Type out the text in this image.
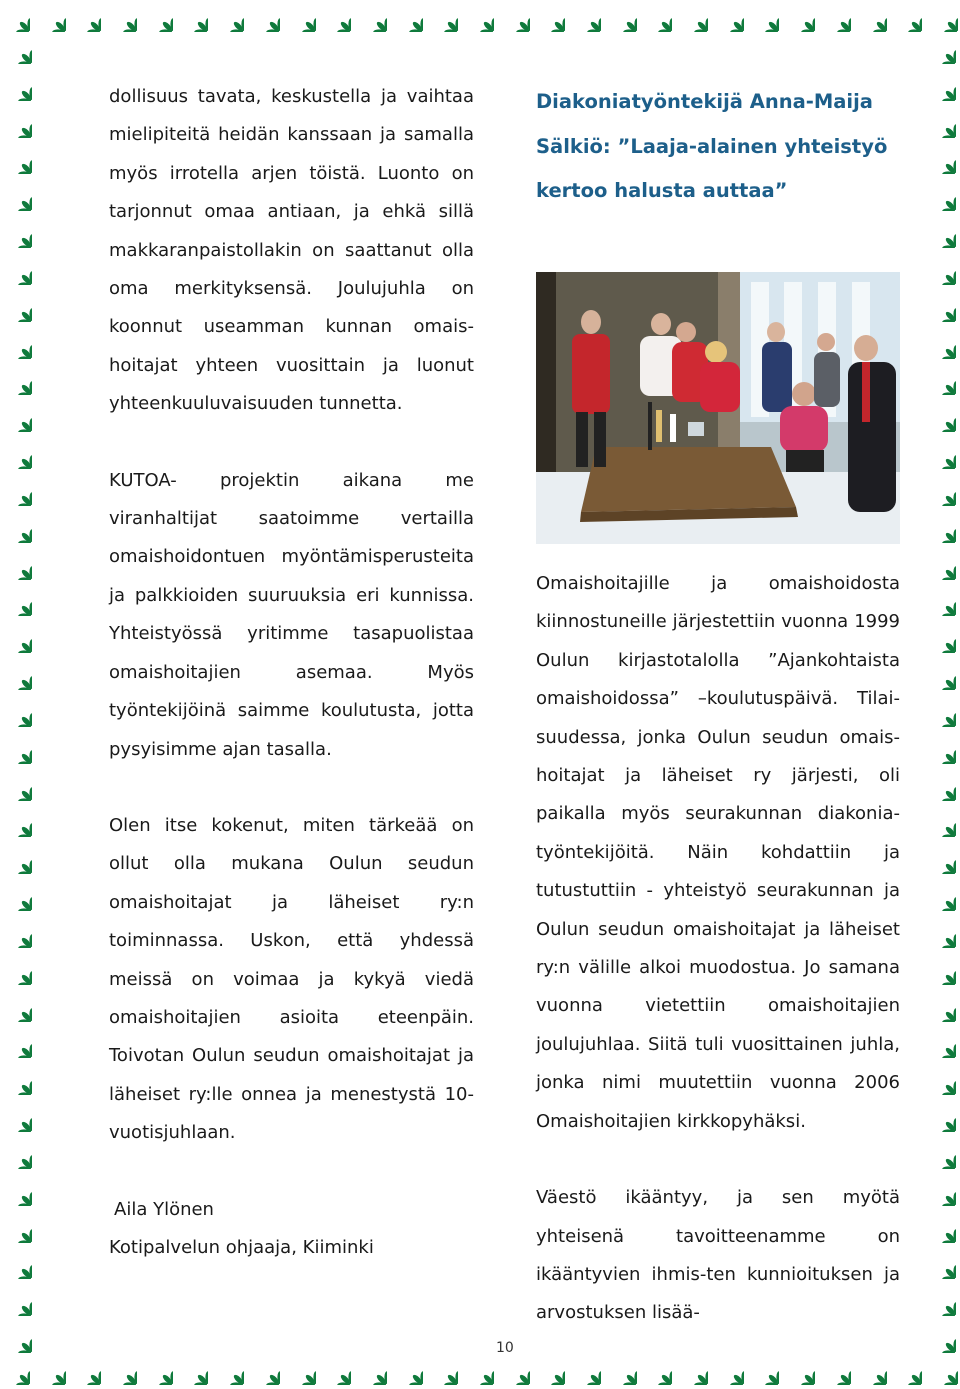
dollisuus tavata, keskustella ja vaihtaa mielipiteitä heidän kanssaan ja samalla myös irrotella arjen töistä. Luonto on tarjonnut omaa antiaan, ja ehkä sillä makkaranpaistollakin on saattanut olla oma merkityksensä. Joulujuhla on koonnut useamman kunnan omais-hoitajat yhteen vuosittain ja luonut yhteenkuuluvaisuuden tunnetta.

KUTOA- projektin aikana me viranhaltijat saatoimme vertailla omaishoidontuen myöntämisperusteita ja palkkioiden suuruuksia eri kunnissa. Yhteistyössä yritimme tasapuolistaa omaishoitajien asemaa. Myös työntekijöinä saimme koulutusta, jotta pysyisimme ajan tasalla.

Olen itse kokenut, miten tärkeää on ollut olla mukana Oulun seudun omaishoitajat ja läheiset ry:n toiminnassa. Uskon, että yhdessä meissä on voimaa ja kykyä viedä omaishoitajien asioita eteenpäin. Toivotan Oulun seudun omaishoitajat ja läheiset ry:lle onnea ja menestystä 10-vuotisjuhlaan.

Aila Ylönen

Kotipalvelun ohjaaja, Kiiminki

Diakoniatyöntekijä Anna-Maija Sälkiö: ”Laaja-alainen yhteistyö kertoo halusta auttaa”

Omaishoitajille ja omaishoidosta kiinnostuneille järjestettiin vuonna 1999 Oulun kirjastotalolla ”Ajankohtaista omaishoidossa” –koulutuspäivä. Tilai-suudessa, jonka Oulun seudun omais-hoitajat ja läheiset ry järjesti, oli paikalla myös seurakunnan diakonia-työntekijöitä. Näin kohdattiin ja tutustuttiin - yhteistyö seurakunnan ja Oulun seudun omaishoitajat ja läheiset ry:n välille alkoi muodostua. Jo samana vuonna vietettiin omaishoitajien joulujuhlaa. Siitä tuli vuosittainen juhla, jonka nimi muutettiin vuonna 2006 Omaishoitajien kirkkopyhäksi.

Väestö ikääntyy, ja sen myötä yhteisenä tavoitteenamme on ikääntyvien ihmis-ten kunnioituksen ja arvostuksen lisää-

10
